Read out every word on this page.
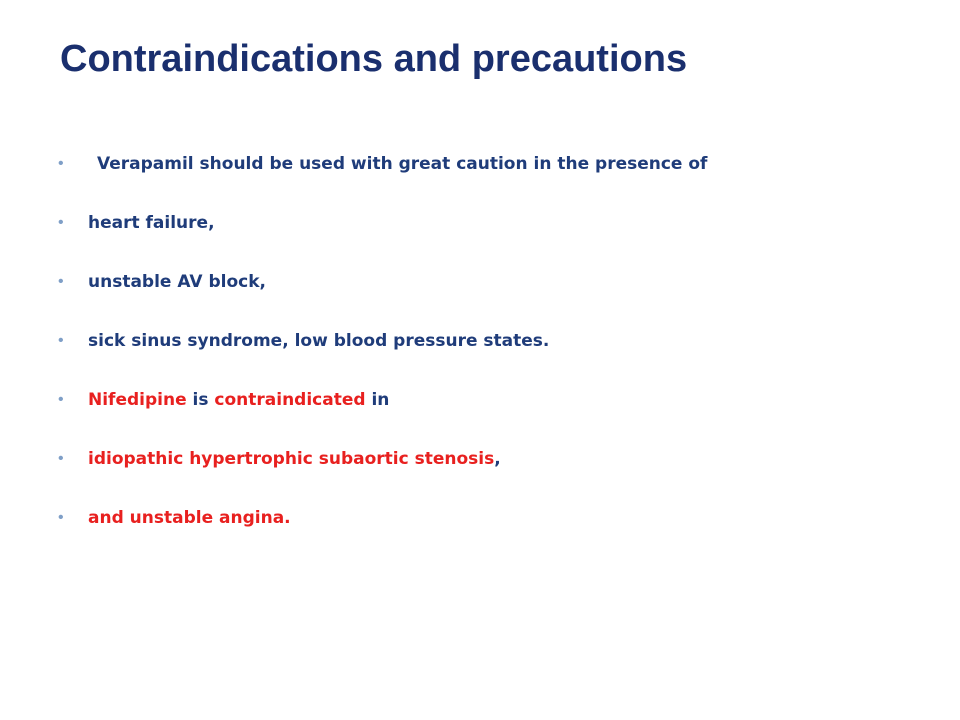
Contraindications and precautions
• Verapamil should be used with great caution in the presence of
• heart failure,
• unstable AV block,
• sick sinus syndrome, low blood pressure states.
• Nifedipine is contraindicated in
• idiopathic hypertrophic subaortic stenosis,
• and unstable angina.
